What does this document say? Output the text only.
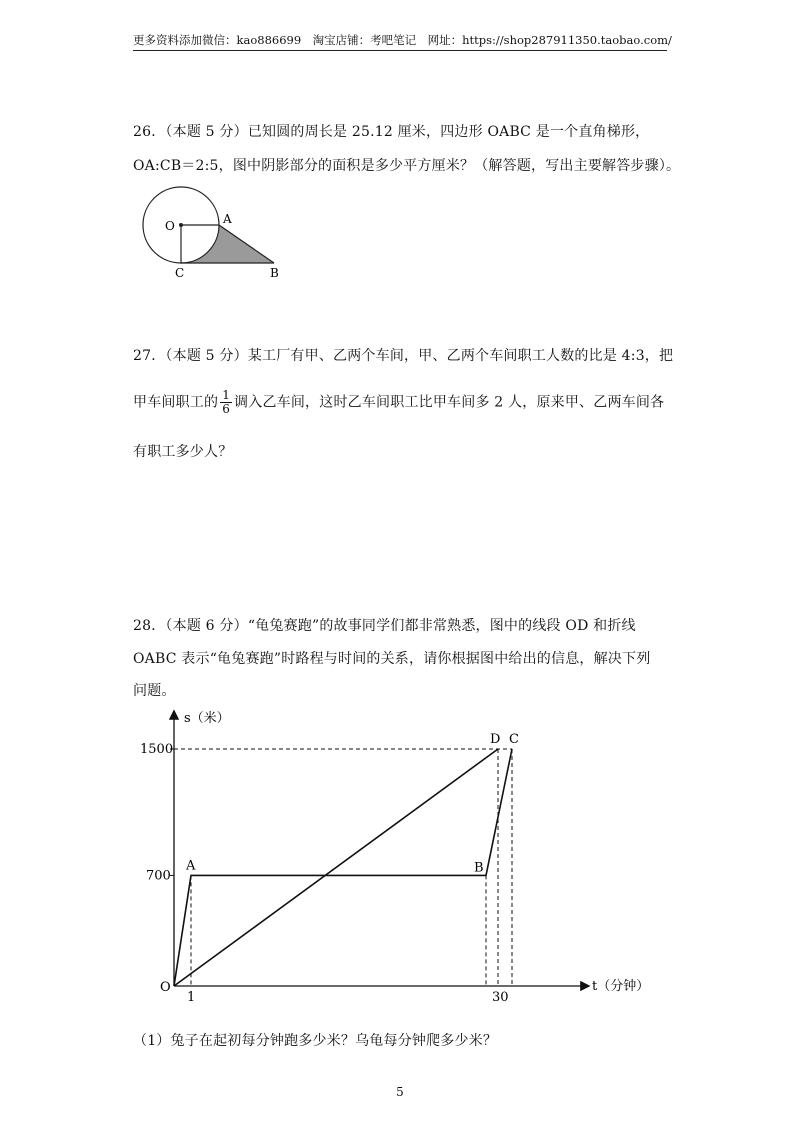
更多资料添加微信：kao886699　淘宝店铺：考吧笔记　网址：https://shop287911350.taobao.com/
26．（本题 5 分）已知圆的周长是 25.12 厘米，四边形 OABC 是一个直角梯形，
OA:CB＝2:5，图中阴影部分的面积是多少平方厘米？（解答题，写出主要解答步骤）。
O	A
C	B
27．（本题 5 分）某工厂有甲、乙两个车间，甲、乙两个车间职工人数的比是 4:3，把
甲车间职工的 $\frac{1}{6}$ 调入乙车间，这时乙车间职工比甲车间多 2 人，原来甲、乙两车间各
有职工多少人？
28．（本题 6 分）“龟兔赛跑”的故事同学们都非常熟悉，图中的线段 OD 和折线
OABC 表示“龟兔赛跑”时路程与时间的关系，请你根据图中给出的信息，解决下列
问题。
s（米）
t（分钟）
O
1500
700
1	30
A	B
C
D
（1）兔子在起初每分钟跑多少米？乌龟每分钟爬多少米？
5
